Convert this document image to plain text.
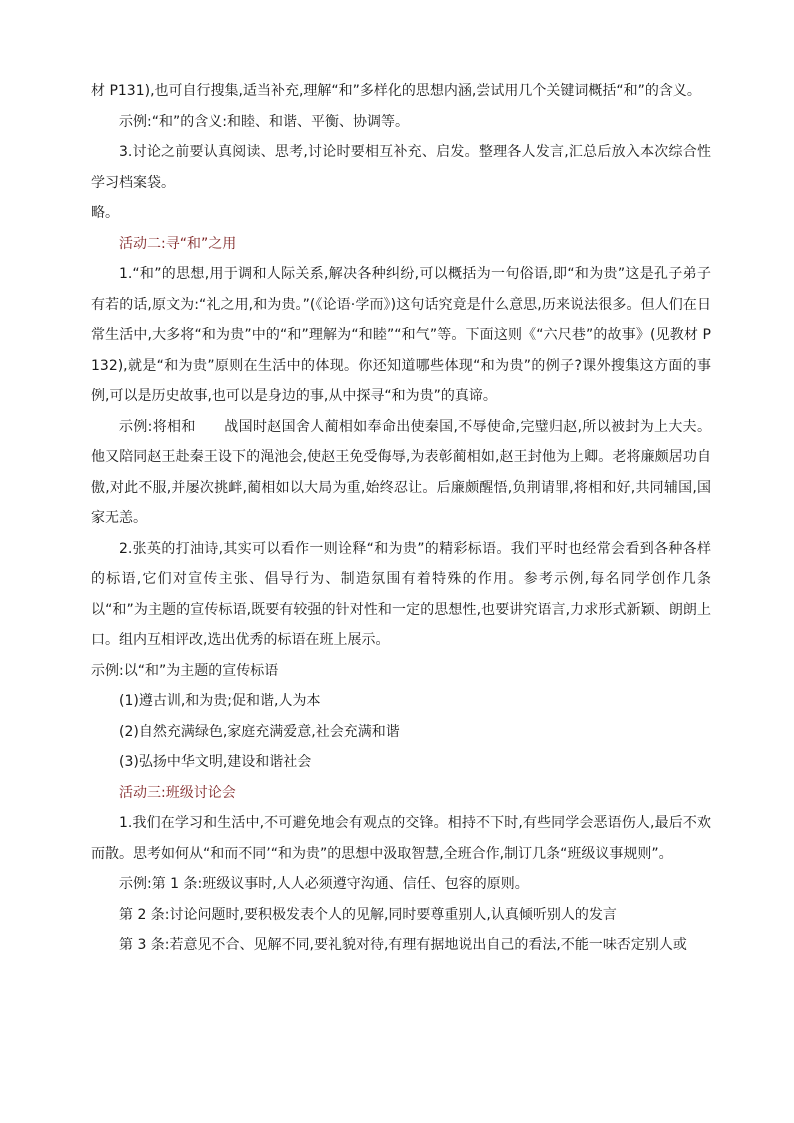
材 P131),也可自行搜集,适当补充,理解“和”多样化的思想内涵,尝试用几个关键词概括“和”的含义。

示例:“和”的含义:和睦、和谐、平衡、协调等。

3.讨论之前要认真阅读、思考,讨论时要相互补充、启发。整理各人发言,汇总后放入本次综合性学习档案袋。

略。

活动二:寻“和”之用

1.“和”的思想,用于调和人际关系,解决各种纠纷,可以概括为一句俗语,即“和为贵”这是孔子弟子有若的话,原文为:“礼之用,和为贵。”(《论语·学而》)这句话究竟是什么意思,历来说法很多。但人们在日常生活中,大多将“和为贵”中的“和”理解为“和睦”“和气”等。下面这则《“六尺巷”的故事》(见教材 P132),就是“和为贵”原则在生活中的体现。你还知道哪些体现“和为贵”的例子?课外搜集这方面的事例,可以是历史故事,也可以是身边的事,从中探寻“和为贵”的真谛。

示例:将相和　　战国时赵国舍人蔺相如奉命出使秦国,不辱使命,完璧归赵,所以被封为上大夫。他又陪同赵王赴秦王设下的渑池会,使赵王免受侮辱,为表彰蔺相如,赵王封他为上卿。老将廉颇居功自傲,对此不服,并屡次挑衅,蔺相如以大局为重,始终忍让。后廉颇醒悟,负荆请罪,将相和好,共同辅国,国家无恙。

2.张英的打油诗,其实可以看作一则诠释“和为贵”的精彩标语。我们平时也经常会看到各种各样的标语,它们对宣传主张、倡导行为、制造氛围有着特殊的作用。参考示例,每名同学创作几条以“和”为主题的宣传标语,既要有较强的针对性和一定的思想性,也要讲究语言,力求形式新颖、朗朗上口。组内互相评改,选出优秀的标语在班上展示。

示例:以“和”为主题的宣传标语

(1)遵古训,和为贵;促和谐,人为本

(2)自然充满绿色,家庭充满爱意,社会充满和谐

(3)弘扬中华文明,建设和谐社会

活动三:班级讨论会

1.我们在学习和生活中,不可避免地会有观点的交锋。相持不下时,有些同学会恶语伤人,最后不欢而散。思考如何从“和而不同’“和为贵”的思想中汲取智慧,全班合作,制订几条“班级议事规则”。

示例:第 1 条:班级议事时,人人必须遵守沟通、信任、包容的原则。

第 2 条:讨论问题时,要积极发表个人的见解,同时要尊重别人,认真倾听别人的发言

第 3 条:若意见不合、见解不同,要礼貌对待,有理有据地说出自己的看法,不能一味否定别人或
